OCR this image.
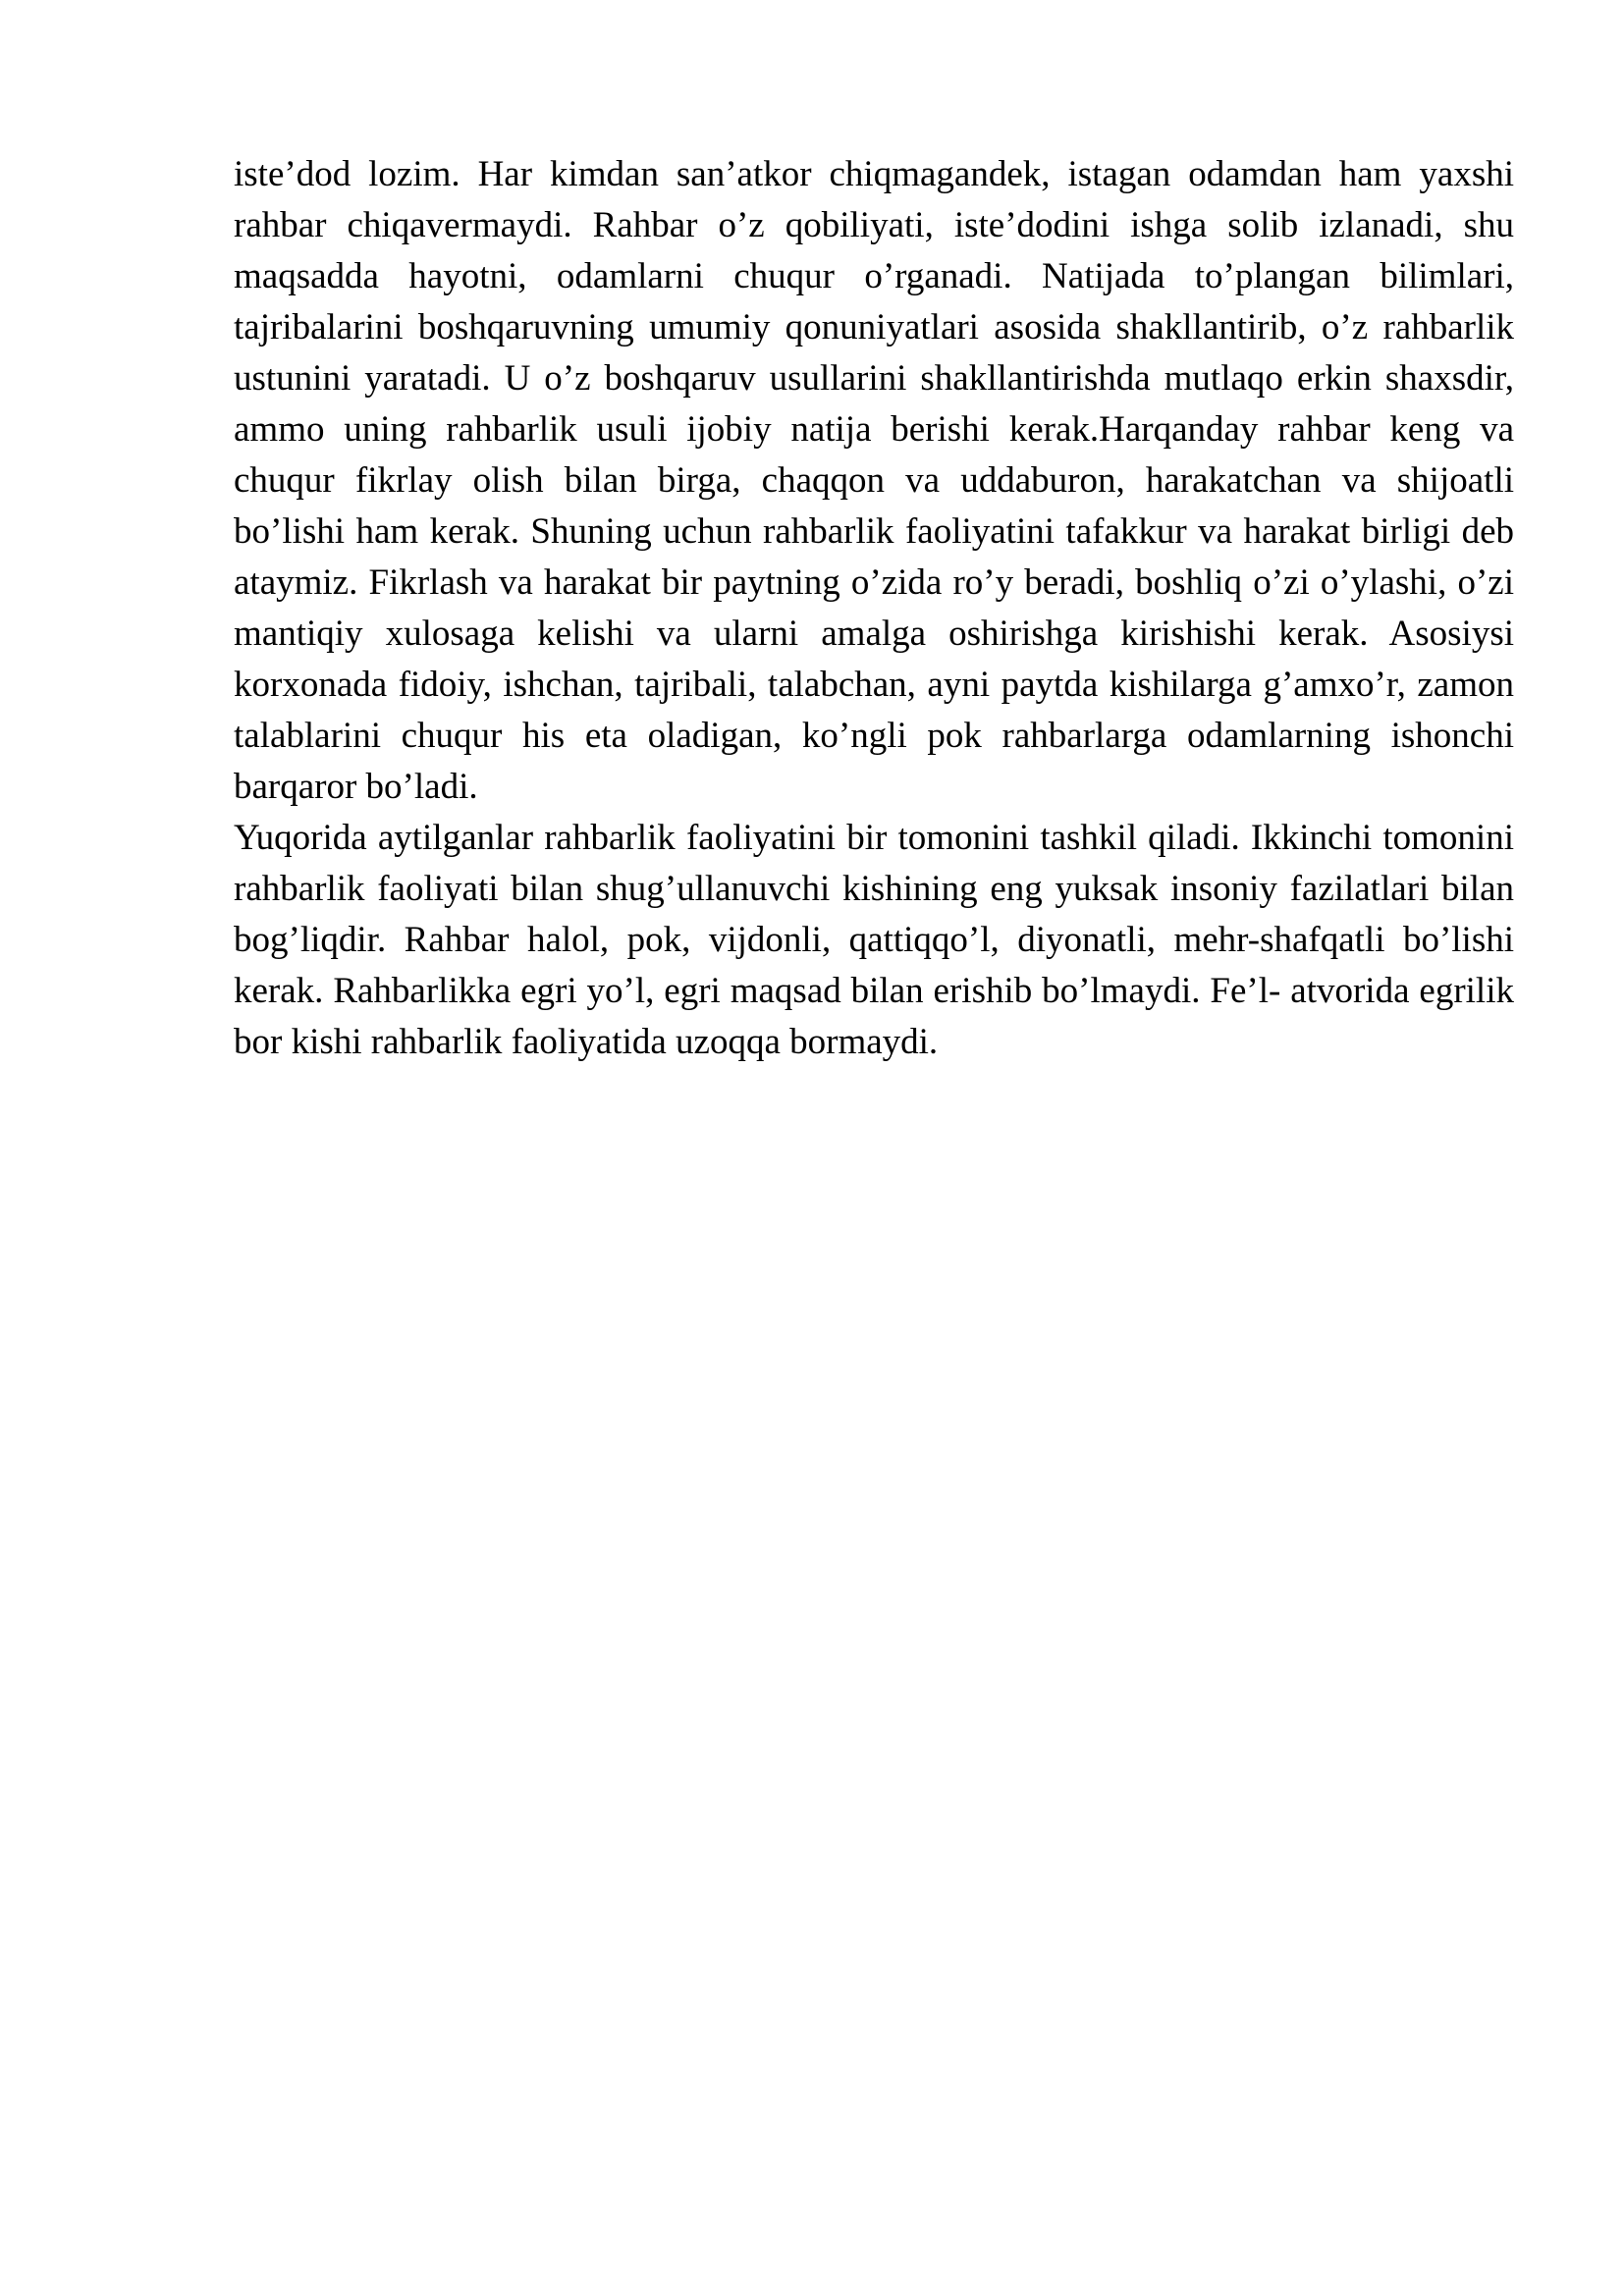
iste’dod lozim. Har kimdan san’atkor chiqmagandek, istagan odamdan ham yaxshi rahbar chiqavermaydi. Rahbar o’z qobiliyati, iste’dodini ishga solib izlanadi, shu maqsadda hayotni, odamlarni chuqur o’rganadi. Natijada to’plangan bilimlari, tajribalarini boshqaruvning umumiy qonuniyatlari asosida shakllantirib, o’z rahbarlik ustunini yaratadi. U o’z boshqaruv usullarini shakllantirishda mutlaqo erkin shaxsdir, ammo uning rahbarlik usuli ijobiy natija berishi kerak.Harqanday rahbar keng va chuqur fikrlay olish bilan birga, chaqqon va uddaburon, harakatchan va shijoatli bo’lishi ham kerak. Shuning uchun rahbarlik faoliyatini tafakkur va harakat birligi deb ataymiz. Fikrlash va harakat bir paytning o’zida ro’y beradi, boshliq o’zi o’ylashi, o’zi mantiqiy xulosaga kelishi va ularni amalga oshirishga kirishishi kerak. Asosiysi korxonada fidoiy, ishchan, tajribali, talabchan, ayni paytda kishilarga g’amxo’r, zamon talablarini chuqur his eta oladigan, ko’ngli pok rahbarlarga odamlarning ishonchi barqaror bo’ladi.

Yuqorida aytilganlar rahbarlik faoliyatini bir tomonini tashkil qiladi. Ikkinchi tomonini rahbarlik faoliyati bilan shug’ullanuvchi kishining eng yuksak insoniy fazilatlari bilan bog’liqdir. Rahbar halol, pok, vijdonli, qattiqqo’l, diyonatli, mehr-shafqatli bo’lishi kerak. Rahbarlikka egri yo’l, egri maqsad bilan erishib bo’lmaydi. Fe’l- atvorida egrilik bor kishi rahbarlik faoliyatida uzoqqa bormaydi.
